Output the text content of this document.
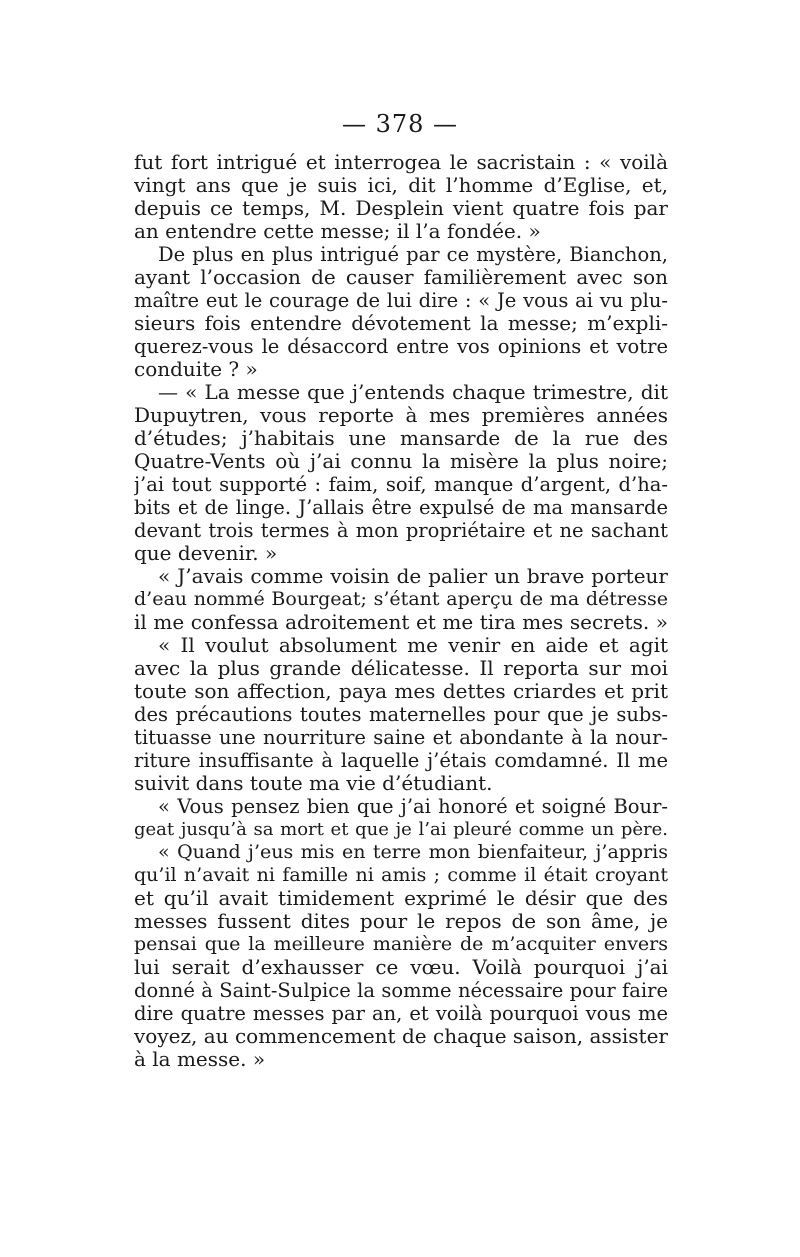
— 378 —
fut fort intrigué et interrogea le sacristain : « voilà
vingt ans que je suis ici, dit l’homme d’Eglise, et,
depuis ce temps, M. Desplein vient quatre fois par
an entendre cette messe; il l’a fondée. »
De plus en plus intrigué par ce mystère, Bianchon,
ayant l’occasion de causer familièrement avec son
maître eut le courage de lui dire : « Je vous ai vu plu-
sieurs fois entendre dévotement la messe; m’expli-
querez-vous le désaccord entre vos opinions et votre
conduite ? »
— « La messe que j’entends chaque trimestre, dit
Dupuytren, vous reporte à mes premières années
d’études; j’habitais une mansarde de la rue des
Quatre-Vents où j’ai connu la misère la plus noire;
j’ai tout supporté : faim, soif, manque d’argent, d’ha-
bits et de linge. J’allais être expulsé de ma mansarde
devant trois termes à mon propriétaire et ne sachant
que devenir. »
« J’avais comme voisin de palier un brave porteur
d’eau nommé Bourgeat; s’étant aperçu de ma détresse
il me confessa adroitement et me tira mes secrets. »
« Il voulut absolument me venir en aide et agit
avec la plus grande délicatesse. Il reporta sur moi
toute son affection, paya mes dettes criardes et prit
des précautions toutes maternelles pour que je subs-
tituasse une nourriture saine et abondante à la nour-
riture insuffisante à laquelle j’étais comdamné. Il me
suivit dans toute ma vie d’étudiant.
« Vous pensez bien que j’ai honoré et soigné Bour-
geat jusqu’à sa mort et que je l’ai pleuré comme un père.
« Quand j’eus mis en terre mon bienfaiteur, j’appris
qu’il n’avait ni famille ni amis ; comme il était croyant
et qu’il avait timidement exprimé le désir que des
messes fussent dites pour le repos de son âme, je
pensai que la meilleure manière de m’acquiter envers
lui serait d’exhausser ce vœu. Voilà pourquoi j’ai
donné à Saint-Sulpice la somme nécessaire pour faire
dire quatre messes par an, et voilà pourquoi vous me
voyez, au commencement de chaque saison, assister
à la messe. »
